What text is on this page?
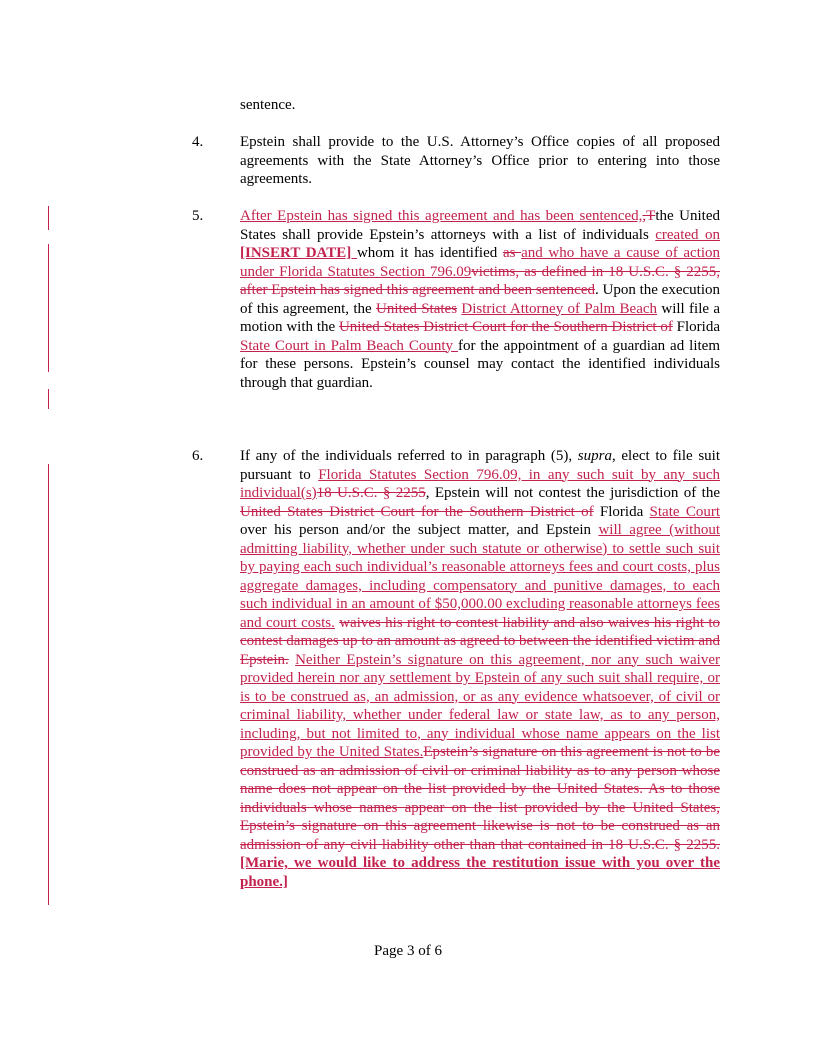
sentence.
4. Epstein shall provide to the U.S. Attorney’s Office copies of all proposed agreements with the State Attorney’s Office prior to entering into those agreements.
5. After Epstein has signed this agreement and has been sentenced,,Tthe United States shall provide Epstein’s attorneys with a list of individuals created on [INSERT DATE] whom it has identified as and who have a cause of action under Florida Statutes Section 796.09victims, as defined in 18 U.S.C. § 2255, after Epstein has signed this agreement and been sentenced. Upon the execution of this agreement, the United States District Attorney of Palm Beach will file a motion with the United States District Court for the Southern District of Florida State Court in Palm Beach County for the appointment of a guardian ad litem for these persons. Epstein’s counsel may contact the identified individuals through that guardian.
6. If any of the individuals referred to in paragraph (5), supra, elect to file suit pursuant to Florida Statutes Section 796.09, in any such suit by any such individual(s)18 U.S.C. § 2255, Epstein will not contest the jurisdiction of the United States District Court for the Southern District of Florida State Court over his person and/or the subject matter, and Epstein will agree (without admitting liability, whether under such statute or otherwise) to settle such suit by paying each such individual’s reasonable attorneys fees and court costs, plus aggregate damages, including compensatory and punitive damages, to each such individual in an amount of $50,000.00 excluding reasonable attorneys fees and court costs. waives his right to contest liability and also waives his right to contest damages up to an amount as agreed to between the identified victim and Epstein. Neither Epstein’s signature on this agreement, nor any such waiver provided herein nor any settlement by Epstein of any such suit shall require, or is to be construed as, an admission, or as any evidence whatsoever, of civil or criminal liability, whether under federal law or state law, as to any person, including, but not limited to, any individual whose name appears on the list provided by the United States.Epstein’s signature on this agreement is not to be construed as an admission of civil or criminal liability as to any person whose name does not appear on the list provided by the United States. As to those individuals whose names appear on the list provided by the United States, Epstein’s signature on this agreement likewise is not to be construed as an admission of any civil liability other than that contained in 18 U.S.C. § 2255. [Marie, we would like to address the restitution issue with you over the phone.]
Page 3 of 6
